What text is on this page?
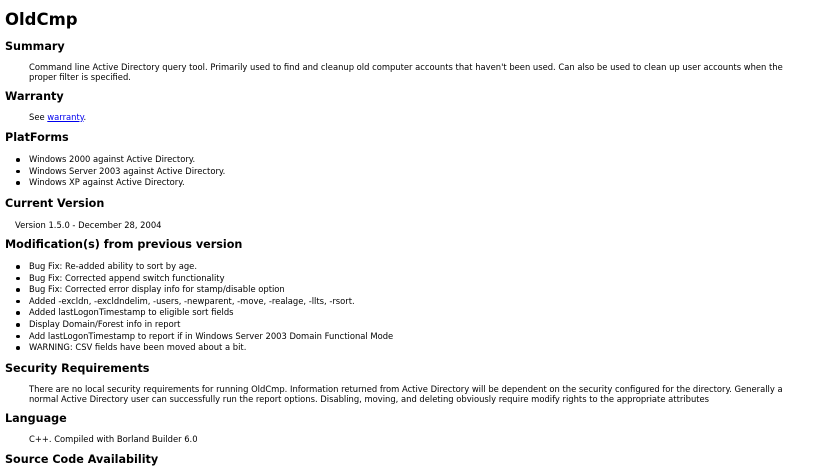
OldCmp
Summary
Command line Active Directory query tool. Primarily used to find and cleanup old computer accounts that haven't been used. Can also be used to clean up user accounts when the proper filter is specified.
Warranty
See warranty.
PlatForms
Windows 2000 against Active Directory.
Windows Server 2003 against Active Directory.
Windows XP against Active Directory.
Current Version
Version 1.5.0 - December 28, 2004
Modification(s) from previous version
Bug Fix: Re-added ability to sort by age.
Bug Fix: Corrected append switch functionality
Bug Fix: Corrected error display info for stamp/disable option
Added -excldn, -excldndelim, -users, -newparent, -move, -realage, -llts, -rsort.
Added lastLogonTimestamp to eligible sort fields
Display Domain/Forest info in report
Add lastLogonTimestamp to report if in Windows Server 2003 Domain Functional Mode
WARNING: CSV fields have been moved about a bit.
Security Requirements
There are no local security requirements for running OldCmp. Information returned from Active Directory will be dependent on the security configured for the directory. Generally a normal Active Directory user can successfully run the report options. Disabling, moving, and deleting obviously require modify rights to the appropriate attributes
Language
C++. Compiled with Borland Builder 6.0
Source Code Availability
